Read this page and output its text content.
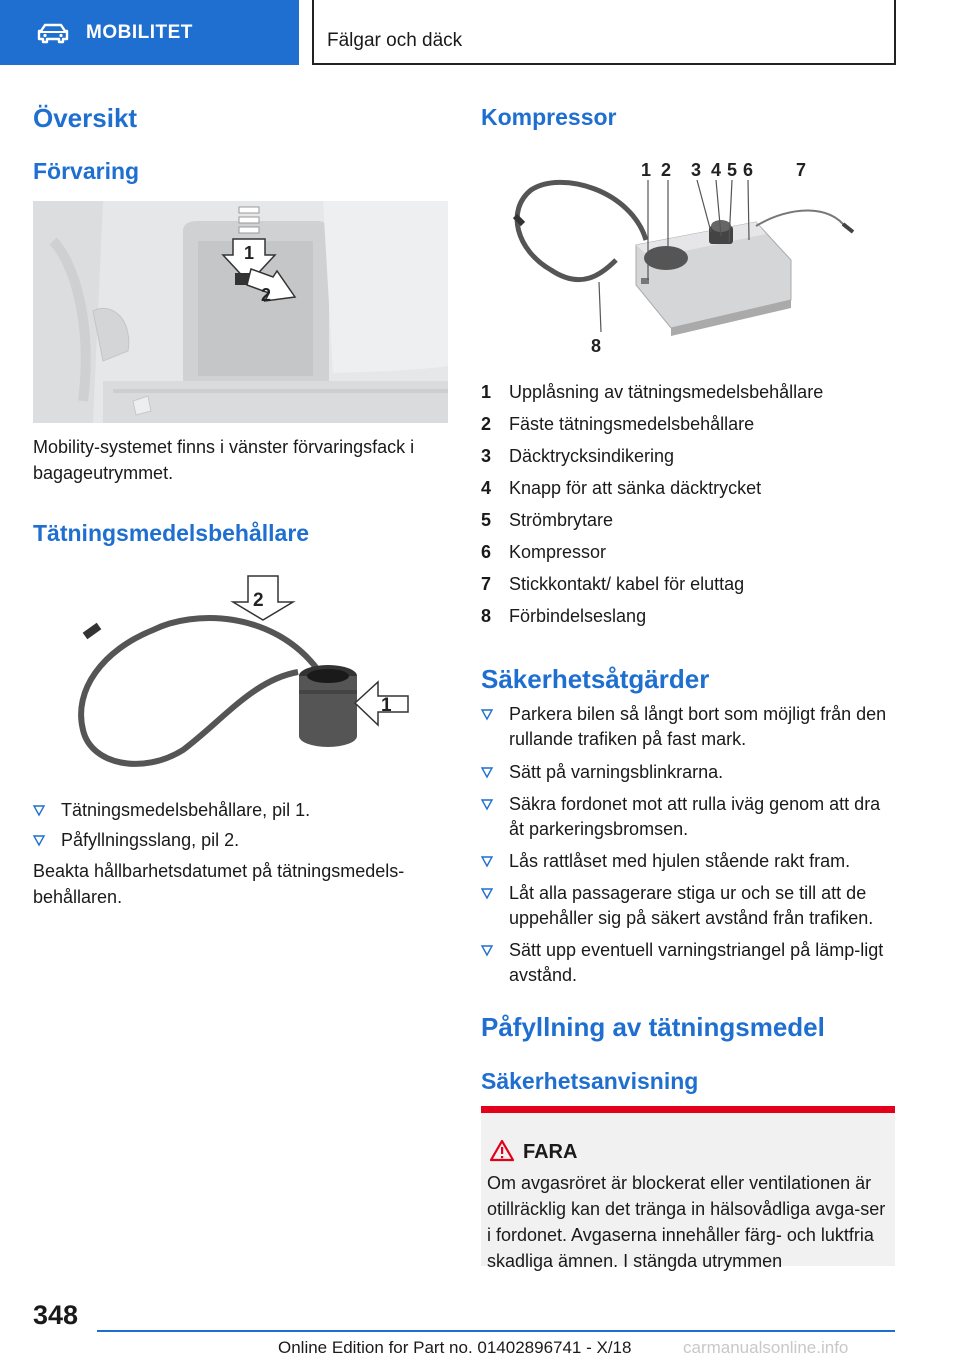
MOBILITET	Fälgar och däck
Översikt
Förvaring
1
2
Mobility-systemet finns i vänster förvaringsfack i bagageutrymmet.
Tätningsmedelsbehållare
2
1
Tätningsmedelsbehållare, pil 1.
Påfyllningsslang, pil 2.
Beakta hållbarhetsdatumet på tätningsmedels-behållaren.
Kompressor
1 2 3 4 5 6 7
8
1 Upplåsning av tätningsmedelsbehållare
2 Fäste tätningsmedelsbehållare
3 Däcktrycksindikering
4 Knapp för att sänka däcktrycket
5 Strömbrytare
6 Kompressor
7 Stickkontakt/ kabel för eluttag
8 Förbindelseslang
Säkerhetsåtgärder
Parkera bilen så långt bort som möjligt från den rullande trafiken på fast mark.
Sätt på varningsblinkrarna.
Säkra fordonet mot att rulla iväg genom att dra åt parkeringsbromsen.
Lås rattlåset med hjulen stående rakt fram.
Låt alla passagerare stiga ur och se till att de uppehåller sig på säkert avstånd från trafiken.
Sätt upp eventuell varningstriangel på lämp-ligt avstånd.
Påfyllning av tätningsmedel
Säkerhetsanvisning
FARA
Om avgasröret är blockerat eller ventilationen är otillräcklig kan det tränga in hälsovådliga avga-ser i fordonet. Avgaserna innehåller färg- och luktfria skadliga ämnen. I stängda utrymmen
348
Online Edition for Part no. 01402896741 - X/18	carmanualsonline.info
